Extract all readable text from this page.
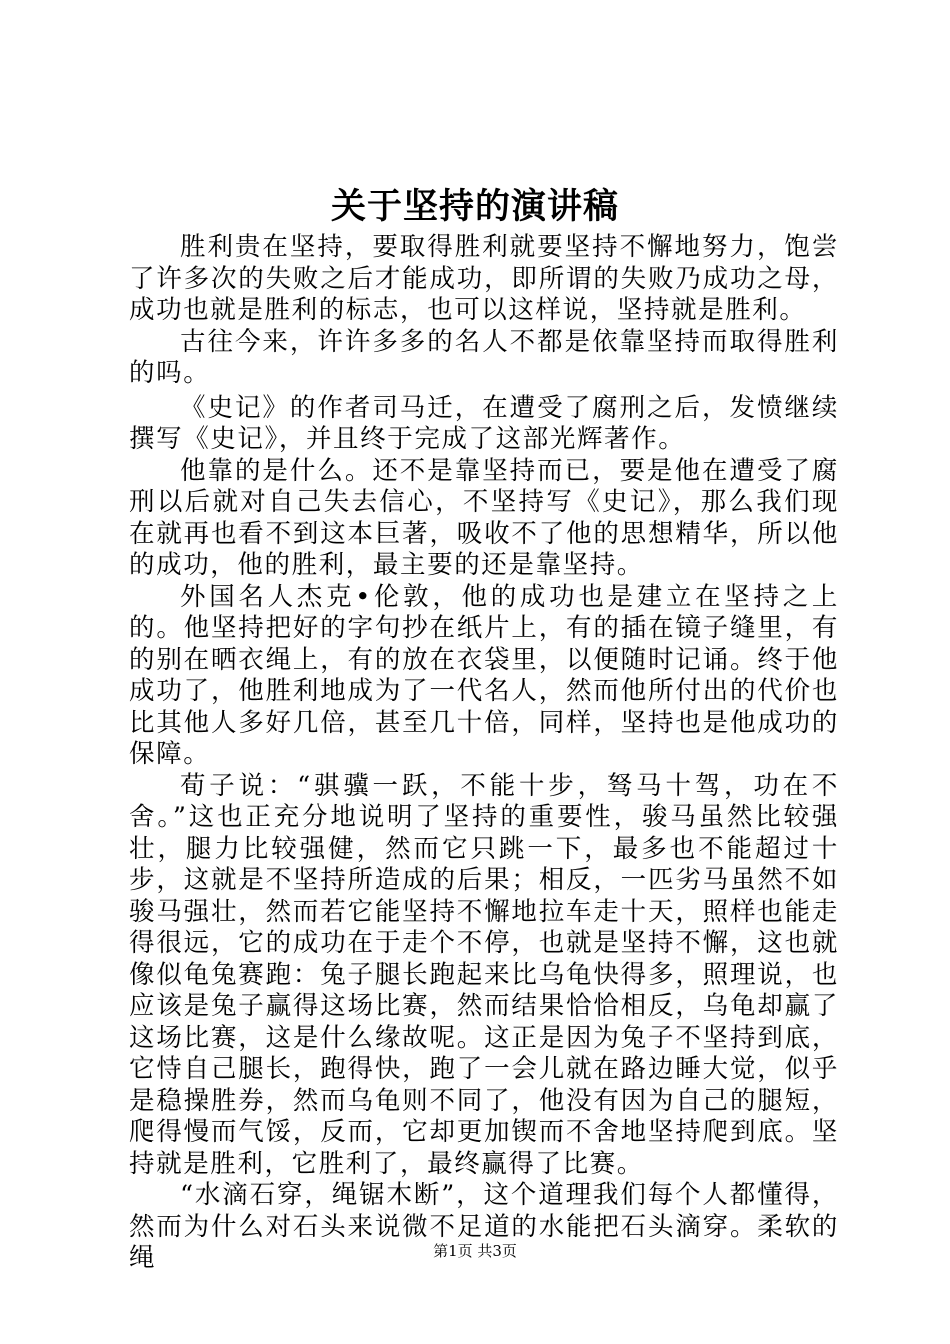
关于坚持的演讲稿

胜利贵在坚持，要取得胜利就要坚持不懈地努力，饱尝了许多次的失败之后才能成功，即所谓的失败乃成功之母，成功也就是胜利的标志，也可以这样说，坚持就是胜利。

古往今来，许许多多的名人不都是依靠坚持而取得胜利的吗。

《史记》的作者司马迁，在遭受了腐刑之后，发愤继续撰写《史记》，并且终于完成了这部光辉著作。

他靠的是什么。还不是靠坚持而已，要是他在遭受了腐刑以后就对自己失去信心，不坚持写《史记》，那么我们现在就再也看不到这本巨著，吸收不了他的思想精华，所以他的成功，他的胜利，最主要的还是靠坚持。

外国名人杰克•伦敦，他的成功也是建立在坚持之上的。他坚持把好的字句抄在纸片上，有的插在镜子缝里，有的别在晒衣绳上，有的放在衣袋里，以便随时记诵。终于他成功了，他胜利地成为了一代名人，然而他所付出的代价也比其他人多好几倍，甚至几十倍，同样，坚持也是他成功的保障。

荀子说：“骐骥一跃，不能十步，驽马十驾，功在不舍。”这也正充分地说明了坚持的重要性，骏马虽然比较强壮，腿力比较强健，然而它只跳一下，最多也不能超过十步，这就是不坚持所造成的后果；相反，一匹劣马虽然不如骏马强壮，然而若它能坚持不懈地拉车走十天，照样也能走得很远，它的成功在于走个不停，也就是坚持不懈，这也就像似龟兔赛跑：兔子腿长跑起来比乌龟快得多，照理说，也应该是兔子赢得这场比赛，然而结果恰恰相反，乌龟却赢了这场比赛，这是什么缘故呢。这正是因为兔子不坚持到底，它恃自己腿长，跑得快，跑了一会儿就在路边睡大觉，似乎是稳操胜券，然而乌龟则不同了，他没有因为自己的腿短，爬得慢而气馁，反而，它却更加锲而不舍地坚持爬到底。坚持就是胜利，它胜利了，最终赢得了比赛。

“水滴石穿，绳锯木断”，这个道理我们每个人都懂得，然而为什么对石头来说微不足道的水能把石头滴穿。柔软的绳	第1页 共3页
